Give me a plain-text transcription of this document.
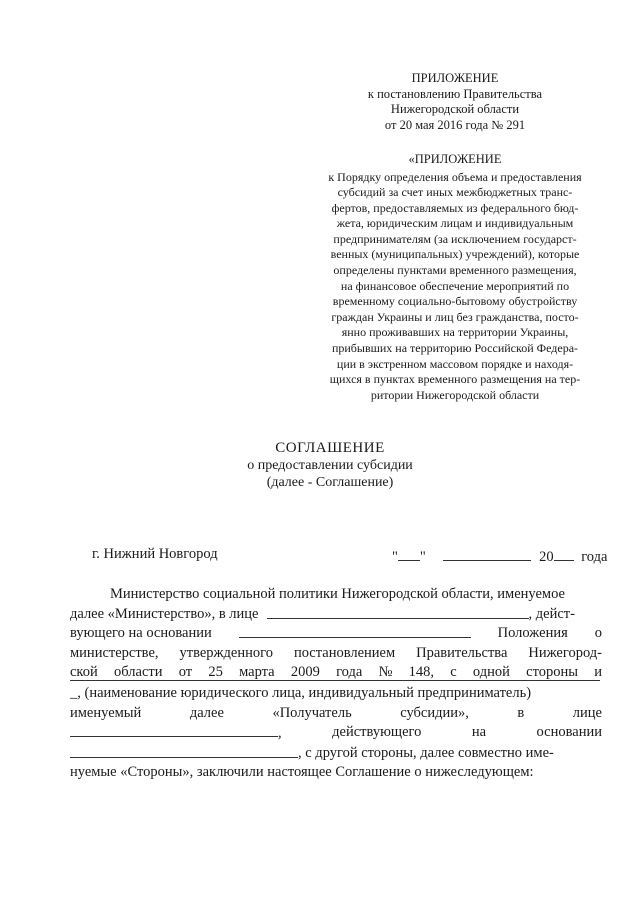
ПРИЛОЖЕНИЕ
к постановлению Правительства
Нижегородской области
от 20 мая 2016 года № 291
«ПРИЛОЖЕНИЕ
к Порядку определения объема и предоставления
субсидий за счет иных межбюджетных транс-
фертов, предоставляемых из федерального бюд-
жета, юридическим лицам и индивидуальным
предпринимателям (за исключением государст-
венных (муниципальных) учреждений), которые
определены пунктами временного размещения,
на финансовое обеспечение мероприятий по
временному социально-бытовому обустройству
граждан Украины и лиц без гражданства, посто-
янно проживавших на территории Украины,
прибывших на территорию Российской Федера-
ции в экстренном массовом порядке и находя-
щихся в пунктах временного размещения на тер-
ритории Нижегородской области
СОГЛАШЕНИЕ
о предоставлении субсидии
(далее - Соглашение)
г. Нижний Новгород	" "	20 года
Министерство социальной политики Нижегородской области, именуемое
далее «Министерство», в лице	, дейст-
вующего на основании	Положения о
министерстве, утвержденного постановлением Правительства Нижегород-
ской области от 25 марта 2009 года № 148, с одной стороны и
_ , (наименование юридического лица, индивидуальный предприниматель)
именуемый	далее	«Получатель	субсидии»,	в	лице
,	действующего	на	основании
, с другой стороны, далее совместно име-
нуемые «Стороны», заключили настоящее Соглашение о нижеследующем:
